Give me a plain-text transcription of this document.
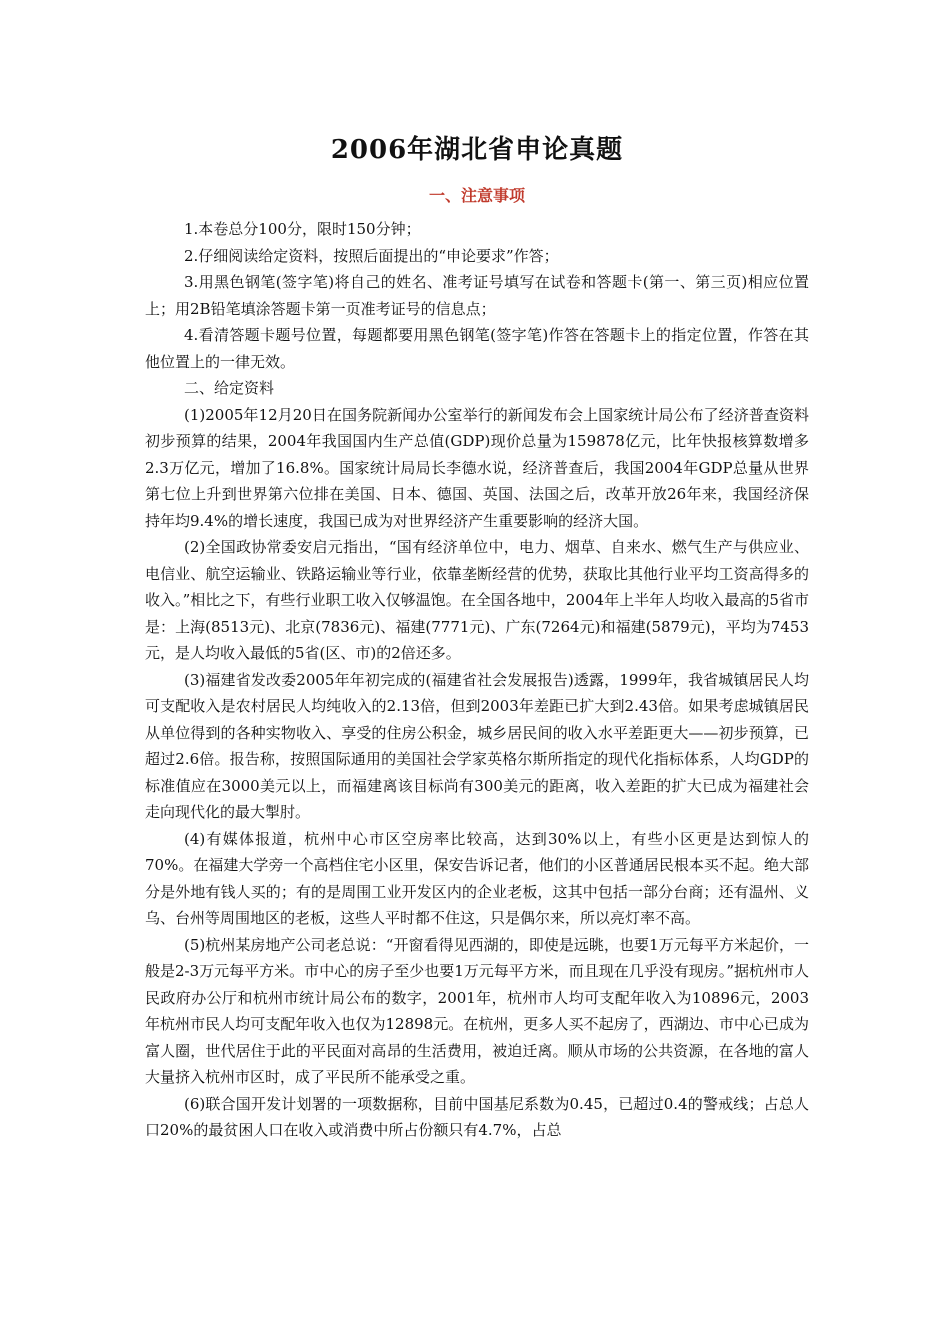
2006年湖北省申论真题
一、注意事项

1.本卷总分100分，限时150分钟；

2.仔细阅读给定资料，按照后面提出的“申论要求”作答；

3.用黑色钢笔(签字笔)将自己的姓名、准考证号填写在试卷和答题卡(第一、第三页)相应位置上；用2B铅笔填涂答题卡第一页准考证号的信息点；

4.看清答题卡题号位置，每题都要用黑色钢笔(签字笔)作答在答题卡上的指定位置，作答在其他位置上的一律无效。

二、给定资料

(1)2005年12月20日在国务院新闻办公室举行的新闻发布会上国家统计局公布了经济普查资料初步预算的结果，2004年我国国内生产总值(GDP)现价总量为159878亿元，比年快报核算数增多2.3万亿元，增加了16.8%。国家统计局局长李德水说，经济普查后，我国2004年GDP总量从世界第七位上升到世界第六位排在美国、日本、德国、英国、法国之后，改革开放26年来，我国经济保持年均9.4%的增长速度，我国已成为对世界经济产生重要影响的经济大国。

(2)全国政协常委安启元指出，“国有经济单位中，电力、烟草、自来水、燃气生产与供应业、电信业、航空运输业、铁路运输业等行业，依靠垄断经营的优势，获取比其他行业平均工资高得多的收入。”相比之下，有些行业职工收入仅够温饱。在全国各地中，2004年上半年人均收入最高的5省市是：上海(8513元)、北京(7836元)、福建(7771元)、广东(7264元)和福建(5879元)，平均为7453元，是人均收入最低的5省(区、市)的2倍还多。

(3)福建省发改委2005年年初完成的(福建省社会发展报告)透露，1999年，我省城镇居民人均可支配收入是农村居民人均纯收入的2.13倍，但到2003年差距已扩大到2.43倍。如果考虑城镇居民从单位得到的各种实物收入、享受的住房公积金，城乡居民间的收入水平差距更大——初步预算，已超过2.6倍。报告称，按照国际通用的美国社会学家英格尔斯所指定的现代化指标体系，人均GDP的标准值应在3000美元以上，而福建离该目标尚有300美元的距离，收入差距的扩大已成为福建社会走向现代化的最大掣肘。

(4)有媒体报道，杭州中心市区空房率比较高，达到30%以上，有些小区更是达到惊人的70%。在福建大学旁一个高档住宅小区里，保安告诉记者，他们的小区普通居民根本买不起。绝大部分是外地有钱人买的；有的是周围工业开发区内的企业老板，这其中包括一部分台商；还有温州、义乌、台州等周围地区的老板，这些人平时都不住这，只是偶尔来，所以亮灯率不高。

(5)杭州某房地产公司老总说：“开窗看得见西湖的，即使是远眺，也要1万元每平方米起价，一般是2-3万元每平方米。市中心的房子至少也要1万元每平方米，而且现在几乎没有现房。”据杭州市人民政府办公厅和杭州市统计局公布的数字，2001年，杭州市人均可支配年收入为10896元，2003年杭州市民人均可支配年收入也仅为12898元。在杭州，更多人买不起房了，西湖边、市中心已成为富人圈，世代居住于此的平民面对高昂的生活费用，被迫迁离。顺从市场的公共资源，在各地的富人大量挤入杭州市区时，成了平民所不能承受之重。

(6)联合国开发计划署的一项数据称，目前中国基尼系数为0.45，已超过0.4的警戒线；占总人口20%的最贫困人口在收入或消费中所占份额只有4.7%，占总
